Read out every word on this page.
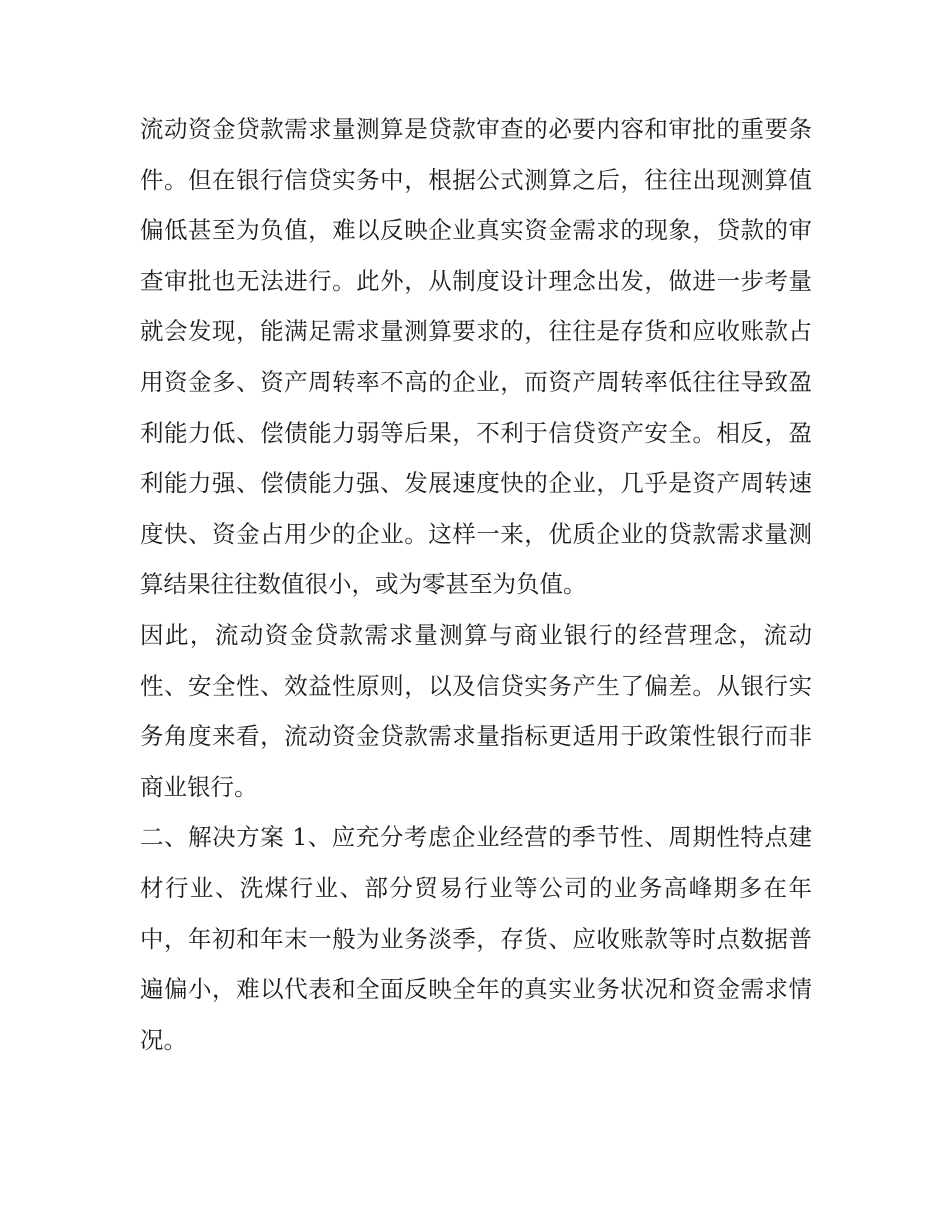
流动资金贷款需求量测算是贷款审查的必要内容和审批的重要条件。但在银行信贷实务中，根据公式测算之后，往往出现测算值偏低甚至为负值，难以反映企业真实资金需求的现象，贷款的审查审批也无法进行。此外，从制度设计理念出发，做进一步考量就会发现，能满足需求量测算要求的，往往是存货和应收账款占用资金多、资产周转率不高的企业，而资产周转率低往往导致盈利能力低、偿债能力弱等后果，不利于信贷资产安全。相反，盈利能力强、偿债能力强、发展速度快的企业，几乎是资产周转速度快、资金占用少的企业。这样一来，优质企业的贷款需求量测算结果往往数值很小，或为零甚至为负值。

因此，流动资金贷款需求量测算与商业银行的经营理念，流动性、安全性、效益性原则，以及信贷实务产生了偏差。从银行实务角度来看，流动资金贷款需求量指标更适用于政策性银行而非商业银行。

二、解决方案 1、应充分考虑企业经营的季节性、周期性特点建材行业、洗煤行业、部分贸易行业等公司的业务高峰期多在年中，年初和年末一般为业务淡季，存货、应收账款等时点数据普遍偏小，难以代表和全面反映全年的真实业务状况和资金需求情况。
